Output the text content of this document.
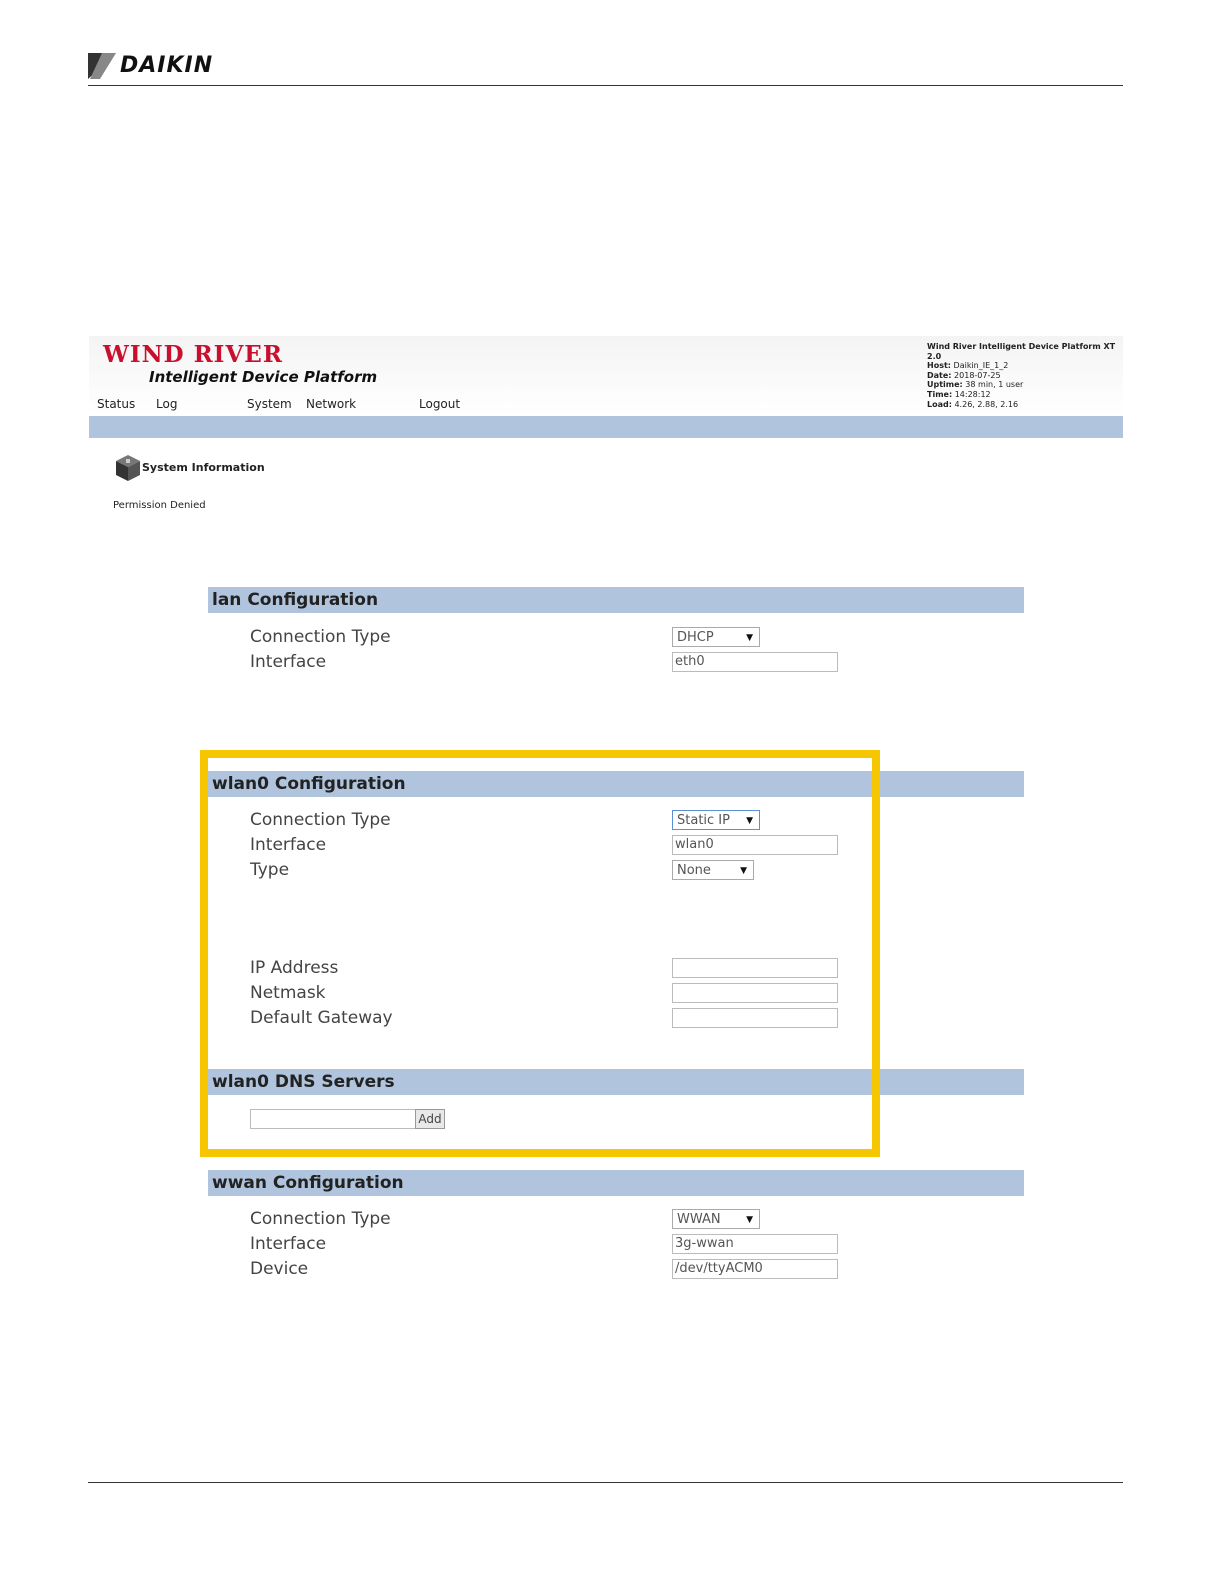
DAIKIN
WIND RIVER
Intelligent Device Platform
Status Log	System Network	Logout
Wind River Intelligent Device Platform XT 2.0
Host: Daikin_IE_1_2
Date: 2018-07-25
Uptime: 38 min, 1 user
Time: 14:28:12
Load: 4.26, 2.88, 2.16
System Information
Permission Denied
lan Configuration
Connection Type	DHCP	▼
Interface	eth0
wlan0 Configuration
Connection Type	Static IP ▼
Interface	wlan0
Type	None	▼
IP Address
Netmask
Default Gateway
wlan0 DNS Servers
Add
wwan Configuration
Connection Type	WWAN	▼
Interface	3g-wwan
Device	/dev/ttyACM0
